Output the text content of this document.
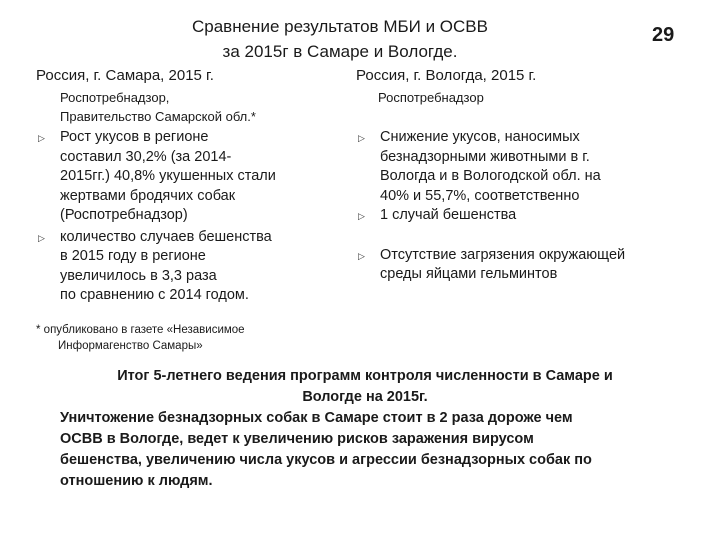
Сравнение результатов МБИ и ОСВВ
за 2015г в Самаре и Вологде.
29
Россия, г. Самара, 2015 г.
Роспотребнадзор,
Правительство Самарской обл.*
▷ Рост укусов в регионе
составил 30,2% (за 2014-
2015гг.) 40,8% укушенных стали
жертвами бродячих собак
(Роспотребнадзор)
▷ количество случаев бешенства
в 2015 году в регионе
увеличилось в 3,3 раза
по сравнению с 2014 годом.
* опубликовано в газете «Независимое
Информагенство Самары»
Россия, г. Вологда, 2015 г.
Роспотребнадзор
▷ Снижение укусов, наносимых
безнадзорными животными в г.
Вологда и в Вологодской обл. на
40% и 55,7%, соответственно
▷ 1 случай бешенства
▷ Отсутствие загрязения окружающей
среды яйцами гельминтов
Итог 5-летнего ведения программ контроля численности в Самаре и
Вологде на 2015г.
Уничтожение безнадзорных собак в Самаре стоит в 2 раза дороже чем
ОСВВ в Вологде, ведет к увеличению рисков заражения вирусом
бешенства, увеличению числа укусов и агрессии безнадзорных собак по
отношению к людям.
